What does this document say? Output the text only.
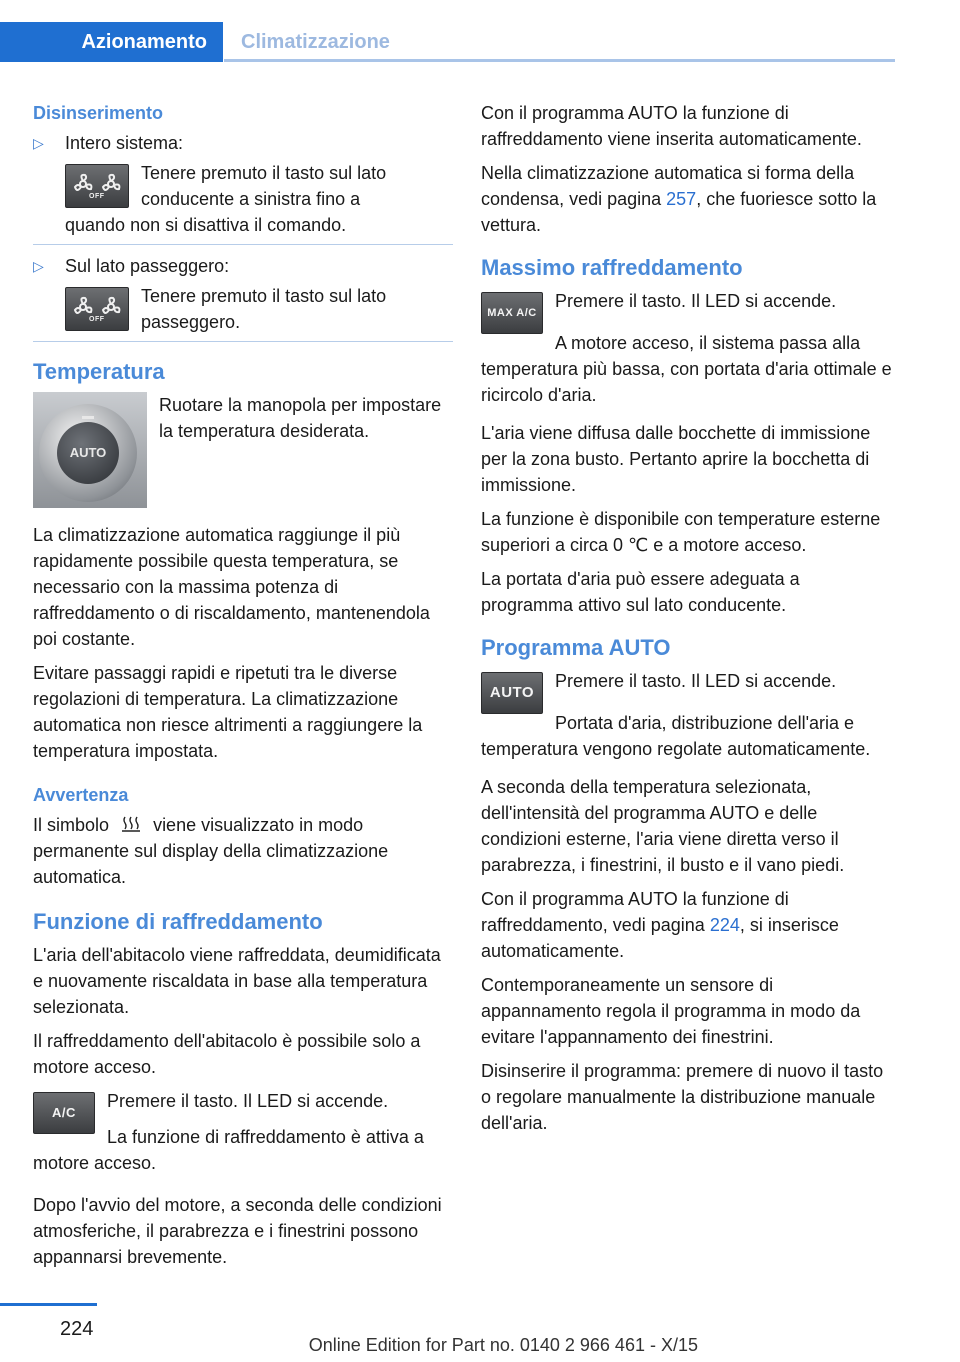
Azionamento	Climatizzazione
Disinserimento
▷	Intero sistema:
OFF
Tenere premuto il tasto sul lato conducente a sinistra fino a
quando non si disattiva il comando.
▷	Sul lato passeggero:
OFF
Tenere premuto il tasto sul lato passeggero.
Temperatura
AUTO
Ruotare la manopola per impostare la temperatura desiderata.

La climatizzazione automatica raggiunge il più rapidamente possibile questa temperatura, se necessario con la massima potenza di raffreddamento o di riscaldamento, mantenendola poi costante.

Evitare passaggi rapidi e ripetuti tra le diverse regolazioni di temperatura. La climatizzazione automatica non riesce altrimenti a raggiungere la temperatura impostata.

Avvertenza

Il simbolo viene visualizzato in modo permanente sul display della climatizzazione automatica.

Funzione di raffreddamento

L'aria dell'abitacolo viene raffreddata, deumidificata e nuovamente riscaldata in base alla temperatura selezionata.

Il raffreddamento dell'abitacolo è possibile solo a motore acceso.

A/C

Premere il tasto. Il LED si accende.

La funzione di raffreddamento è attiva a motore acceso.

Dopo l'avvio del motore, a seconda delle condizioni atmosferiche, il parabrezza e i finestrini possono appannarsi brevemente.

Con il programma AUTO la funzione di raffreddamento viene inserita automaticamente.

Nella climatizzazione automatica si forma della condensa, vedi pagina 257, che fuoriesce sotto la vettura.

Massimo raffreddamento
MAX A/C

Premere il tasto. Il LED si accende.

A motore acceso, il sistema passa alla temperatura più bassa, con portata d'aria ottimale e ricircolo d'aria.

L'aria viene diffusa dalle bocchette di immissione per la zona busto. Pertanto aprire la bocchetta di immissione.

La funzione è disponibile con temperature esterne superiori a circa 0 ℃ e a motore acceso.

La portata d'aria può essere adeguata a programma attivo sul lato conducente.

Programma AUTO
AUTO

Premere il tasto. Il LED si accende.

Portata d'aria, distribuzione dell'aria e temperatura vengono regolate automaticamente.

A seconda della temperatura selezionata, dell'intensità del programma AUTO e delle condizioni esterne, l'aria viene diretta verso il parabrezza, i finestrini, il busto e il vano piedi.

Con il programma AUTO la funzione di raffreddamento, vedi pagina 224, si inserisce automaticamente.

Contemporaneamente un sensore di appannamento regola il programma in modo da evitare l'appannamento dei finestrini.

Disinserire il programma: premere di nuovo il tasto o regolare manualmente la distribuzione manuale dell'aria.

224
Online Edition for Part no. 0140 2 966 461 - X/15
